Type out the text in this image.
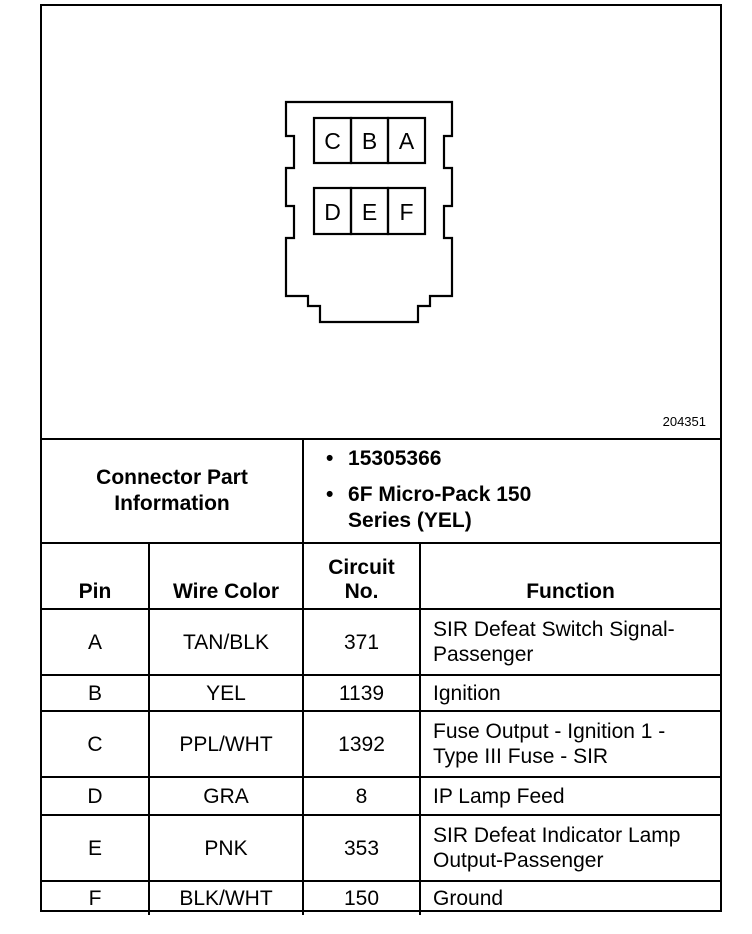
C B A
D E F
204351
Connector Part Information		• 15305366
• 6F Micro-Pack 150 Series (YEL)

Pin	Wire Color	Circuit No.	Function
A	TAN/BLK	371	SIR Defeat Switch Signal-Passenger
B	YEL	1139	Ignition
C	PPL/WHT	1392	Fuse Output - Ignition 1 - Type III Fuse - SIR
D	GRA	8	IP Lamp Feed
E	PNK	353	SIR Defeat Indicator Lamp Output-Passenger
F	BLK/WHT	150	Ground
